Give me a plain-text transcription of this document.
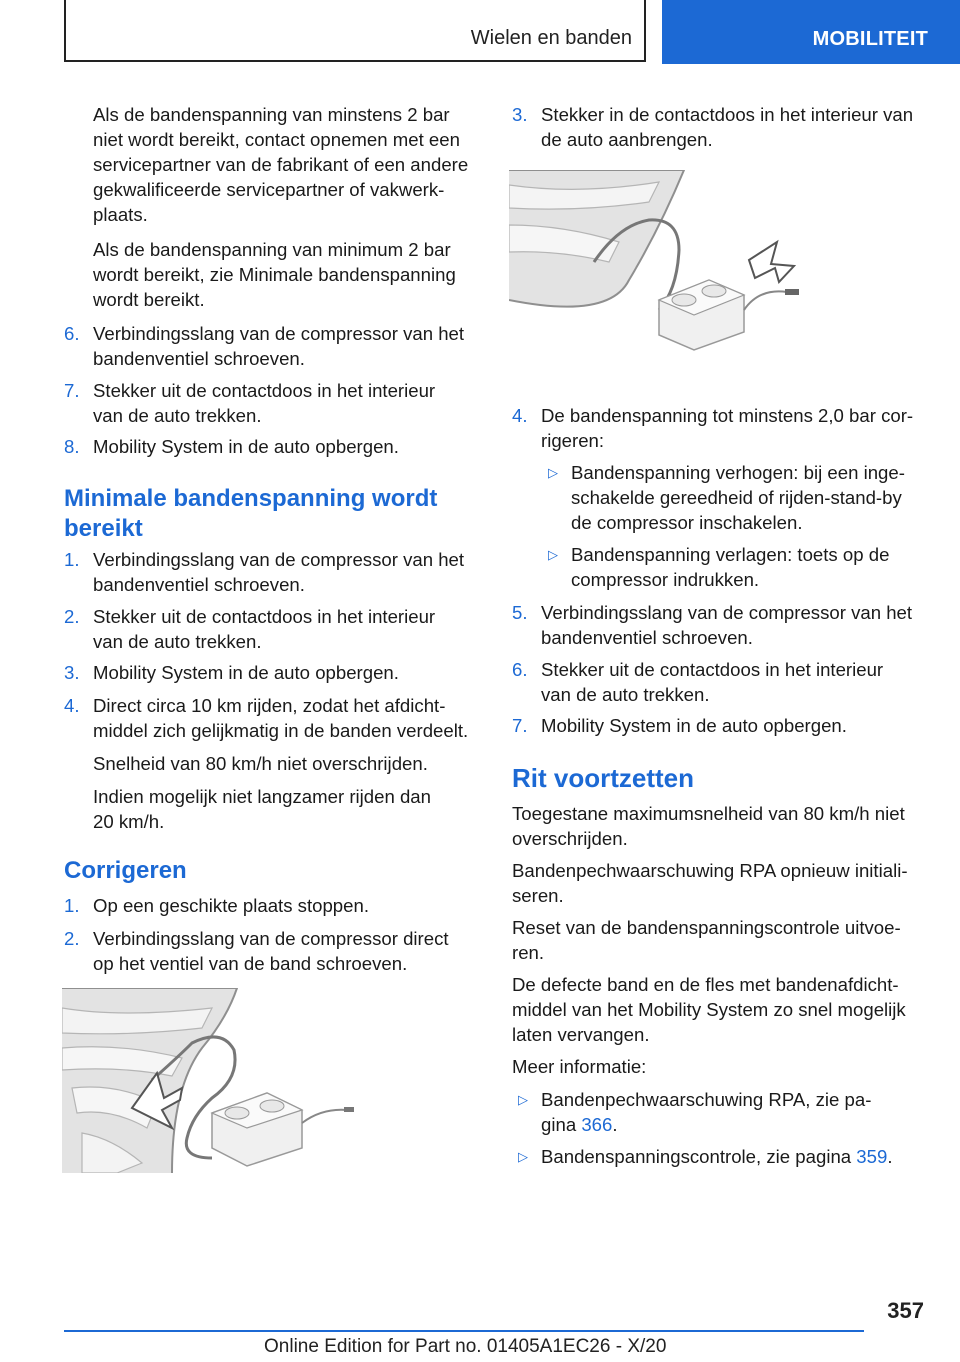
Wielen en banden	MOBILITEIT
Als de bandenspanning van minstens 2 bar
niet wordt bereikt, contact opnemen met een
servicepartner van de fabrikant of een andere
gekwalificeerde servicepartner of vakwerk-
plaats.
Als de bandenspanning van minimum 2 bar
wordt bereikt, zie Minimale bandenspanning
wordt bereikt.
6. Verbindingsslang van de compressor van het
bandenventiel schroeven.
7. Stekker uit de contactdoos in het interieur
van de auto trekken.
8. Mobility System in de auto opbergen.
Minimale bandenspanning wordt
bereikt
1. Verbindingsslang van de compressor van het
bandenventiel schroeven.
2. Stekker uit de contactdoos in het interieur
van de auto trekken.
3. Mobility System in de auto opbergen.
4. Direct circa 10 km rijden, zodat het afdicht-
middel zich gelijkmatig in de banden verdeelt.
Snelheid van 80 km/h niet overschrijden.
Indien mogelijk niet langzamer rijden dan
20 km/h.
Corrigeren
1. Op een geschikte plaats stoppen.
2. Verbindingsslang van de compressor direct
op het ventiel van de band schroeven.
3. Stekker in de contactdoos in het interieur van
de auto aanbrengen.
4. De bandenspanning tot minstens 2,0 bar cor-
rigeren:
▷ Bandenspanning verhogen: bij een inge-
schakelde gereedheid of rijden-stand-by
de compressor inschakelen.
▷ Bandenspanning verlagen: toets op de
compressor indrukken.
5. Verbindingsslang van de compressor van het
bandenventiel schroeven.
6. Stekker uit de contactdoos in het interieur
van de auto trekken.
7. Mobility System in de auto opbergen.
Rit voortzetten
Toegestane maximumsnelheid van 80 km/h niet
overschrijden.
Bandenpechwaarschuwing RPA opnieuw initiali-
seren.
Reset van de bandenspanningscontrole uitvoe-
ren.
De defecte band en de fles met bandenafdicht-
middel van het Mobility System zo snel mogelijk
laten vervangen.
Meer informatie:
▷ Bandenpechwaarschuwing RPA, zie pa-
gina 366.
▷ Bandenspanningscontrole, zie pagina 359.
357
Online Edition for Part no. 01405A1EC26 - X/20
